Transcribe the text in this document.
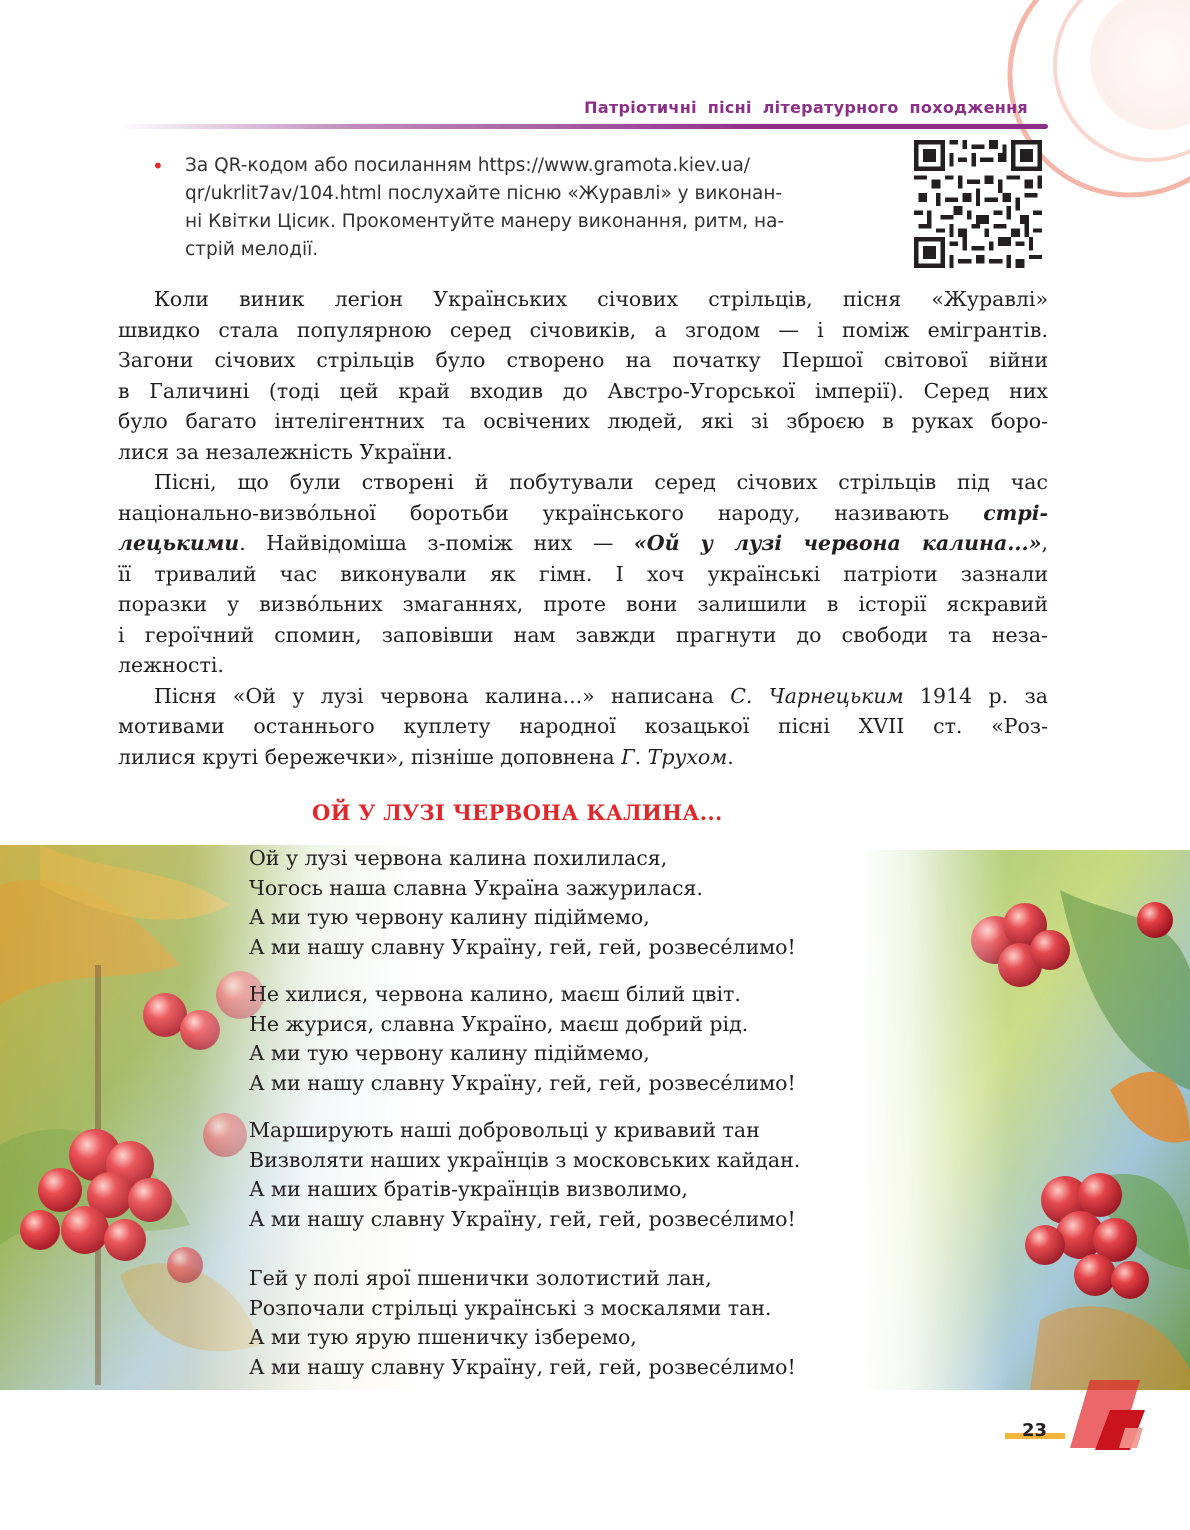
Патріотичні пісні літературного походження
• За QR-кодом або посиланням https://www.gramota.kiev.ua/
qr/ukrlit7av/104.html послухайте пісню «Журавлі» у виконан-
ні Квітки Цісик. Прокоментуйте манеру виконання, ритм, на-
стрій мелодії.

Коли виник легіон Українських січових стрільців, пісня «Журавлі»
швидко стала популярною серед січовиків, а згодом — і поміж емігрантів.
Загони січових стрільців було створено на початку Першої світової війни
в Галичині (тоді цей край входив до Австро-Угорської імперії). Серед них
було багато інтелігентних та освічених людей, які зі зброєю в руках боро-
лися за незалежність України.

Пісні, що були створені й побутували серед січових стрільців під час
національно-визво́льної боротьби українського народу, називають стрі-
лецькими. Найвідоміша з-поміж них — «Ой у лузі червона калина...»,
її тривалий час виконували як гімн. І хоч українські патріоти зазнали
поразки у визво́льних змаганнях, проте вони залишили в історії яскравий
і героїчний спомин, заповівши нам завжди прагнути до свободи та неза-
лежності.

Пісня «Ой у лузі червона калина...» написана С. Чарнецьким 1914 р. за
мотивами останнього куплету народної козацької пісні XVII ст. «Роз-
лилися круті бережечки», пізніше доповнена Г. Трухом.

ОЙ У ЛУЗІ ЧЕРВОНА КАЛИНА...
Ой у лузі червона калина похилилася,
Чогось наша славна Україна зажурилася.
А ми тую червону калину підіймемо,
А ми нашу славну Україну, гей, гей, розвесе́лимо!
Не хилися, червона калино, маєш білий цвіт.
Не журися, славна Україно, маєш добрий рід.
А ми тую червону калину підіймемо,
А ми нашу славну Україну, гей, гей, розвесе́лимо!
Марширують наші добровольці у кривавий тан
Визволяти наших українців з московських кайдан.
А ми наших братів-українців визволимо,
А ми нашу славну Україну, гей, гей, розвесе́лимо!
Гей у полі ярої пшенички золотистий лан,
Розпочали стрільці українські з москалями тан.
А ми тую ярую пшеничку ізберемо,
А ми нашу славну Україну, гей, гей, розвесе́лимо!
23
